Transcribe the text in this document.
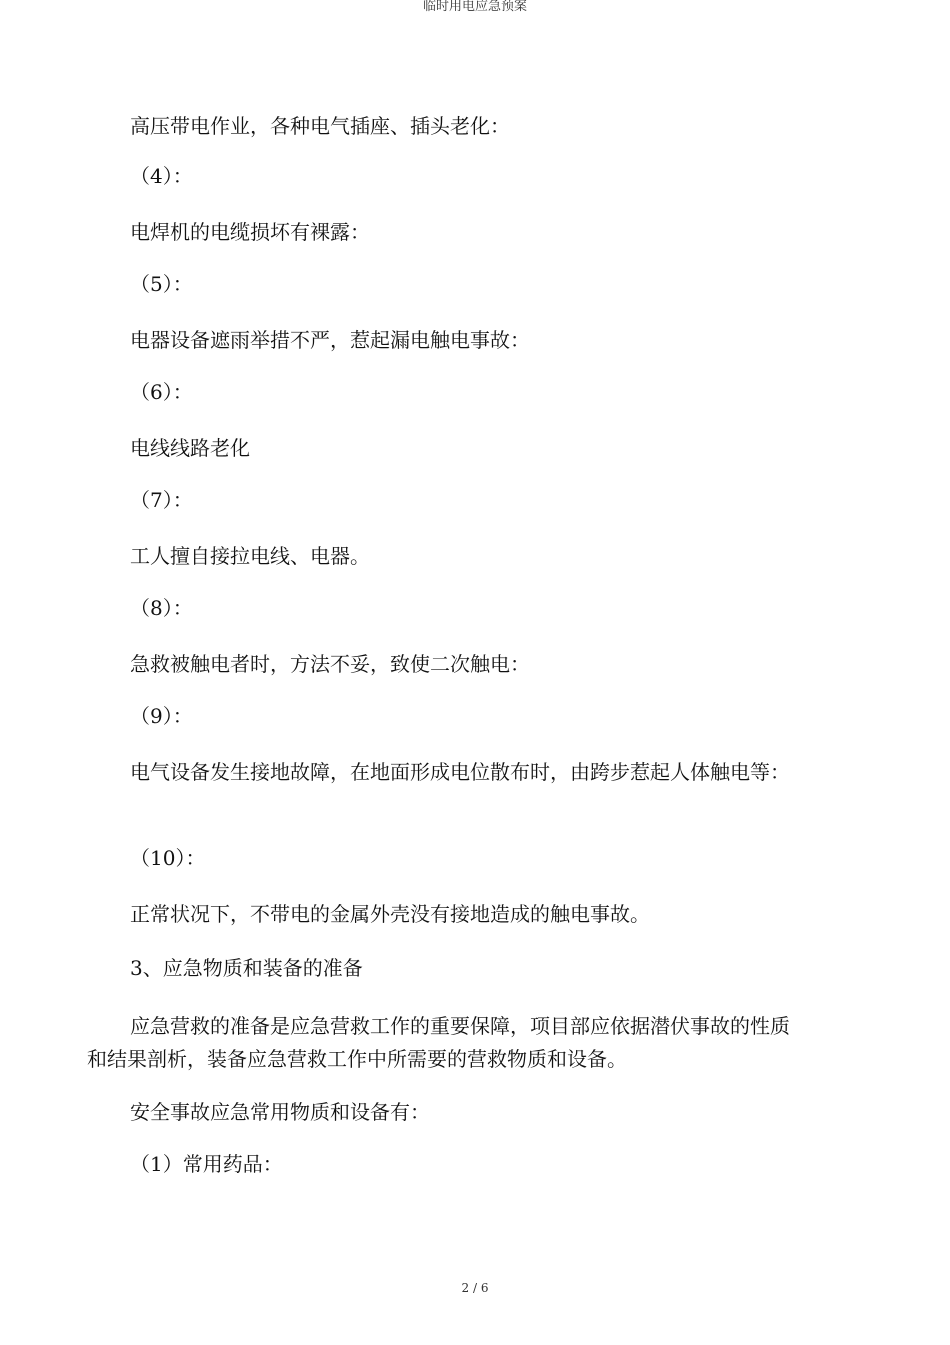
临时用电应急预案

高压带电作业，各种电气插座、插头老化：

（4）：

电焊机的电缆损坏有裸露：

（5）：

电器设备遮雨举措不严，惹起漏电触电事故：

（6）：

电线线路老化

（7）：

工人擅自接拉电线、电器。

（8）：

急救被触电者时，方法不妥，致使二次触电：

（9）：

电气设备发生接地故障，在地面形成电位散布时，由跨步惹起人体触电等：

（10）：

正常状况下，不带电的金属外壳没有接地造成的触电事故。

3、应急物质和装备的准备

应急营救的准备是应急营救工作的重要保障，项目部应依据潜伏事故的性质和结果剖析，装备应急营救工作中所需要的营救物质和设备。

安全事故应急常用物质和设备有：

（1）常用药品：

2 / 6
